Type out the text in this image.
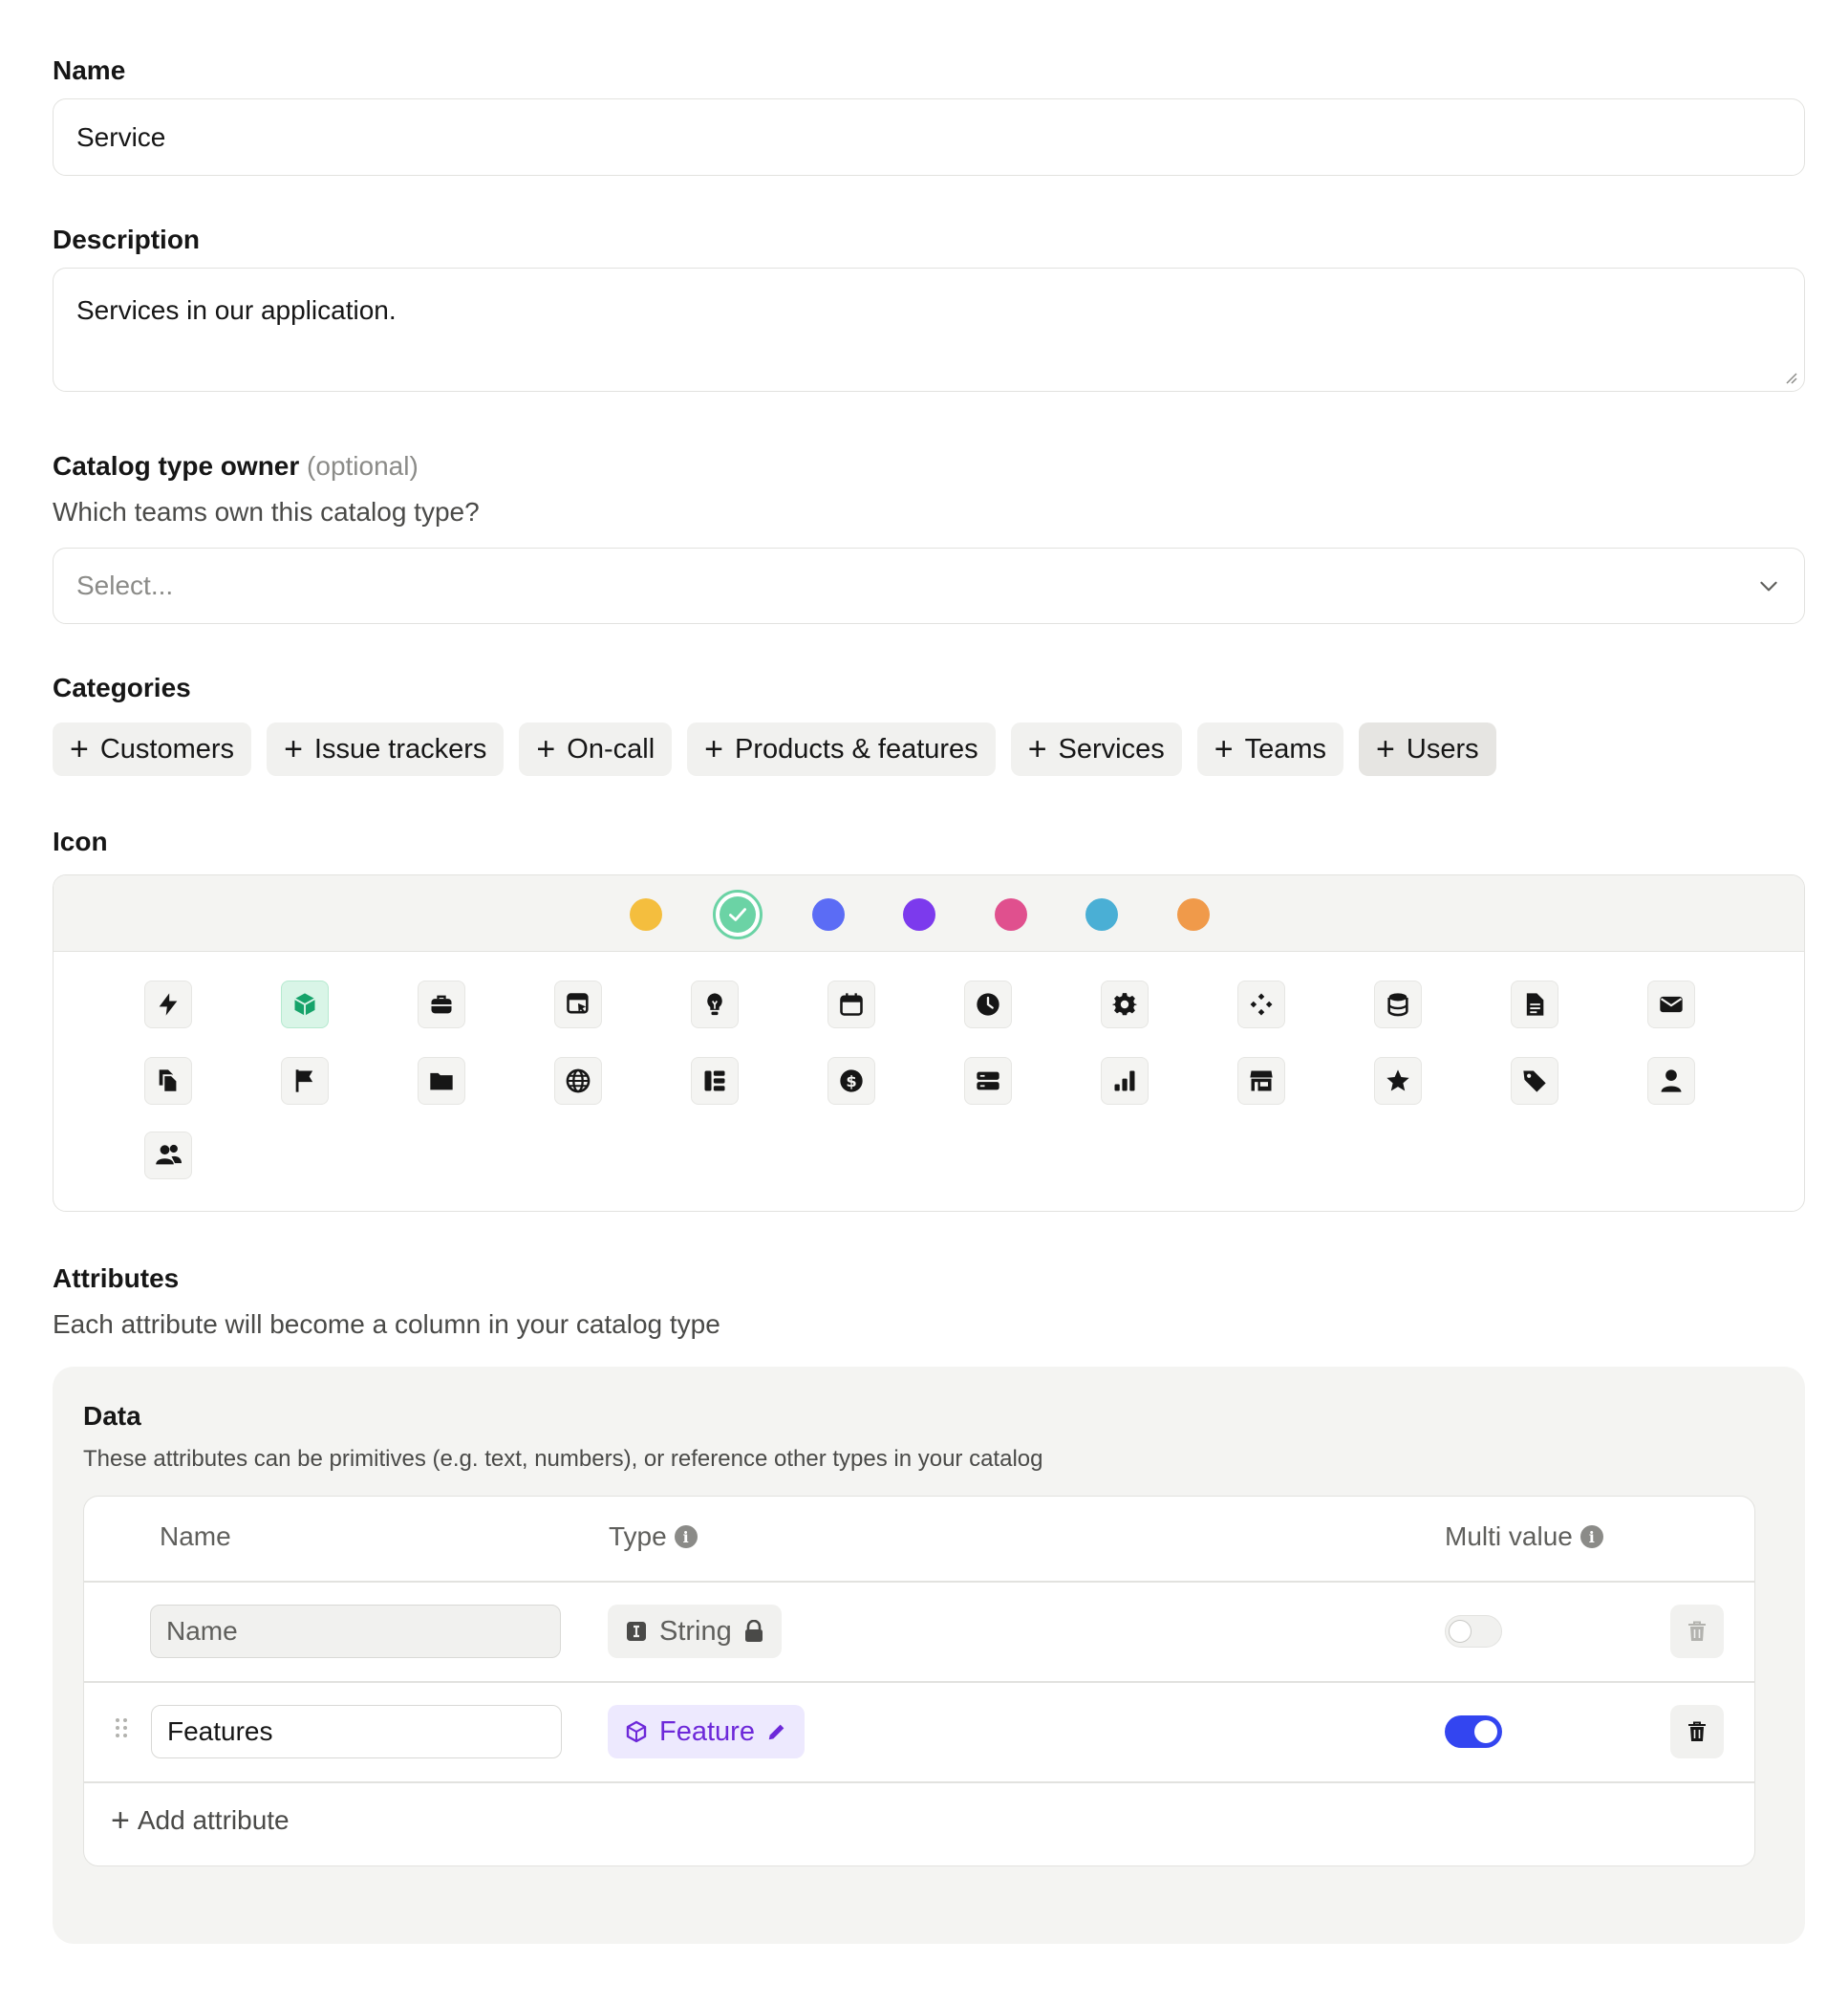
Name
Service
Description
Services in our application.
Catalog type owner (optional)
Which teams own this catalog type?
Select...
Categories
+ Customers + Issue trackers + On-call + Products & features + Services + Teams + Users
Icon
$
Attributes
Each attribute will become a column in your catalog type
Data
These attributes can be primitives (e.g. text, numbers), or reference other types in your catalog
Name	Type	i	Multi value	i
Name	String
Features	Feature
+ Add attribute
